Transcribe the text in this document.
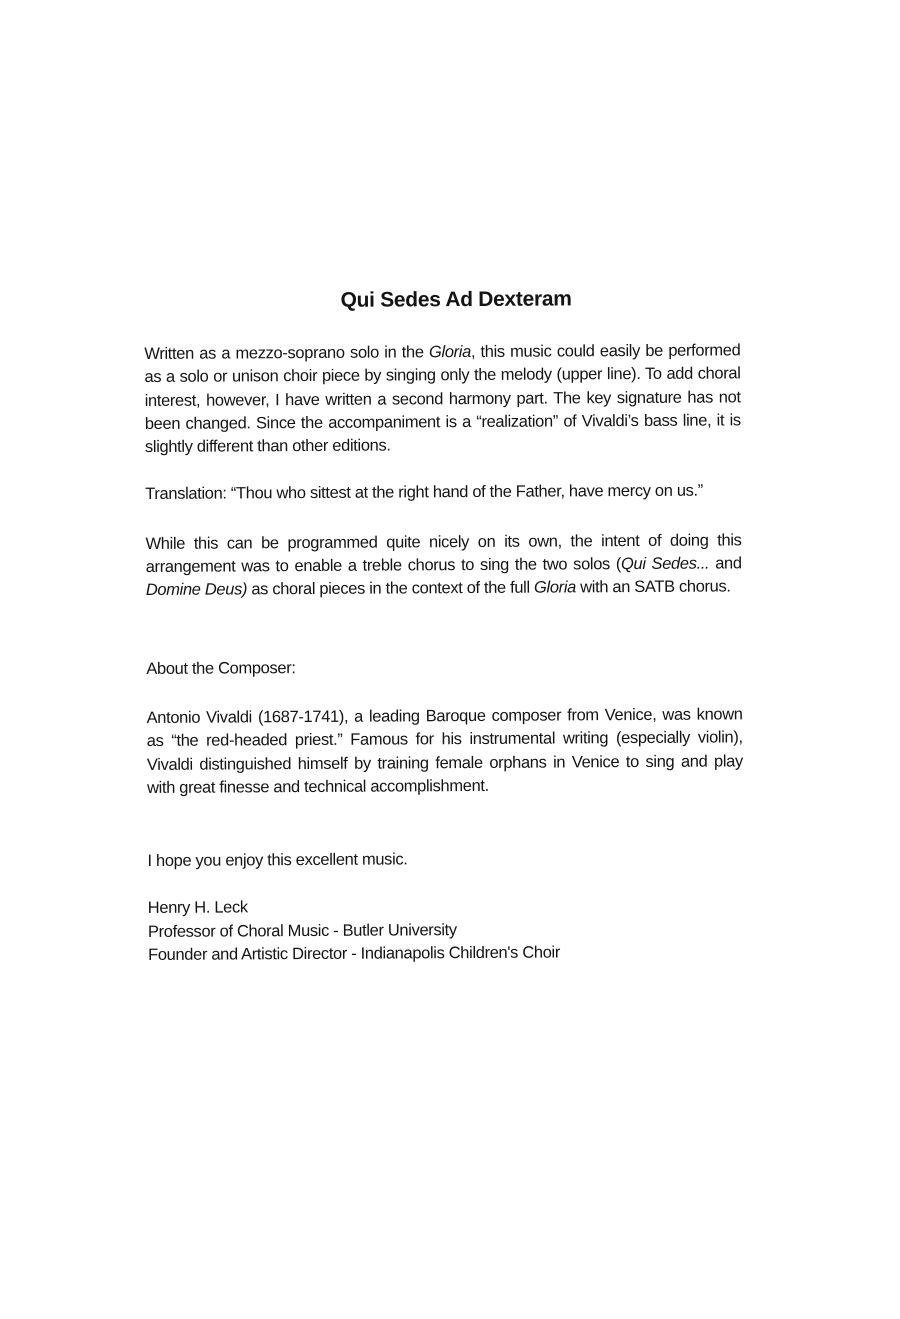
Qui Sedes Ad Dexteram

Written as a mezzo-soprano solo in the Gloria, this music could easily be performed as a solo or unison choir piece by singing only the melody (upper line). To add choral interest, however, I have written a second harmony part. The key signature has not been changed. Since the accompaniment is a “realization” of Vivaldi’s bass line, it is slightly different than other editions.

Translation: “Thou who sittest at the right hand of the Father, have mercy on us.”

While this can be programmed quite nicely on its own, the intent of doing this arrangement was to enable a treble chorus to sing the two solos (Qui Sedes... and Domine Deus) as choral pieces in the context of the full Gloria with an SATB chorus.

About the Composer:

Antonio Vivaldi (1687-1741), a leading Baroque composer from Venice, was known as “the red-headed priest.” Famous for his instrumental writing (especially violin), Vivaldi distinguished himself by training female orphans in Venice to sing and play with great finesse and technical accomplishment.

I hope you enjoy this excellent music.

Henry H. Leck
Professor of Choral Music - Butler University
Founder and Artistic Director - Indianapolis Children's Choir
